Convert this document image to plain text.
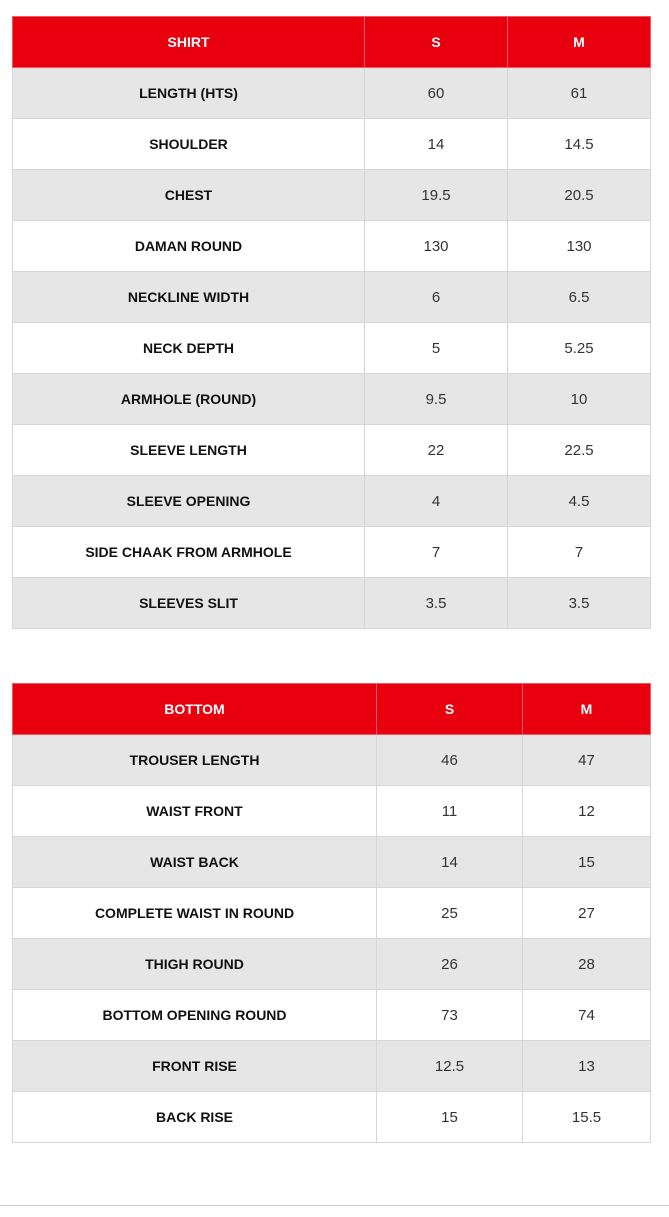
SHIRT	S	M
LENGTH (HTS)	60	61
SHOULDER	14	14.5
CHEST	19.5	20.5
DAMAN ROUND	130	130
NECKLINE WIDTH	6	6.5
NECK DEPTH	5	5.25
ARMHOLE (ROUND)	9.5	10
SLEEVE LENGTH	22	22.5
SLEEVE OPENING	4	4.5
SIDE CHAAK FROM ARMHOLE	7	7
SLEEVES SLIT	3.5	3.5
BOTTOM	S	M
TROUSER LENGTH	46	47
WAIST FRONT	11	12
WAIST BACK	14	15
COMPLETE WAIST IN ROUND	25	27
THIGH ROUND	26	28
BOTTOM OPENING ROUND	73	74
FRONT RISE	12.5	13
BACK RISE	15	15.5
